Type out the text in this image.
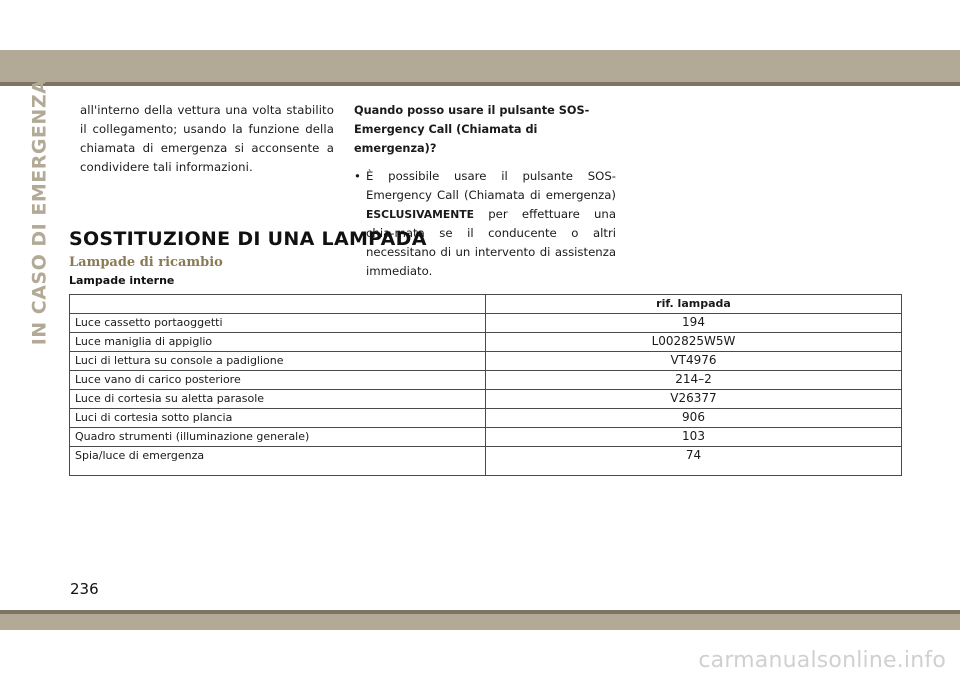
IN CASO DI EMERGENZA	all'interno della vettura una volta stabilito il collegamento; usando la funzione della chiamata di emergenza si acconsente a condividere tali informazioni.

Quando posso usare il pulsante SOS-Emergency Call (Chiamata di emergenza)?

• È possibile usare il pulsante SOS-Emergency Call (Chiamata di emergenza) ESCLUSIVAMENTE per effettuare una chia-mata se il conducente o altri necessitano di un intervento di assistenza immediato.
SOSTITUZIONE DI UNA LAMPADA
Lampade di ricambio
Lampade interne
	rif. lampada
Luce cassetto portaoggetti	194
Luce maniglia di appiglio	L002825W5W
Luci di lettura su console a padiglione	VT4976
Luce vano di carico posteriore	214–2
Luce di cortesia su aletta parasole	V26377
Luci di cortesia sotto plancia	906
Quadro strumenti (illuminazione generale)	103
Spia/luce di emergenza	74
236
carmanualsonline.info
